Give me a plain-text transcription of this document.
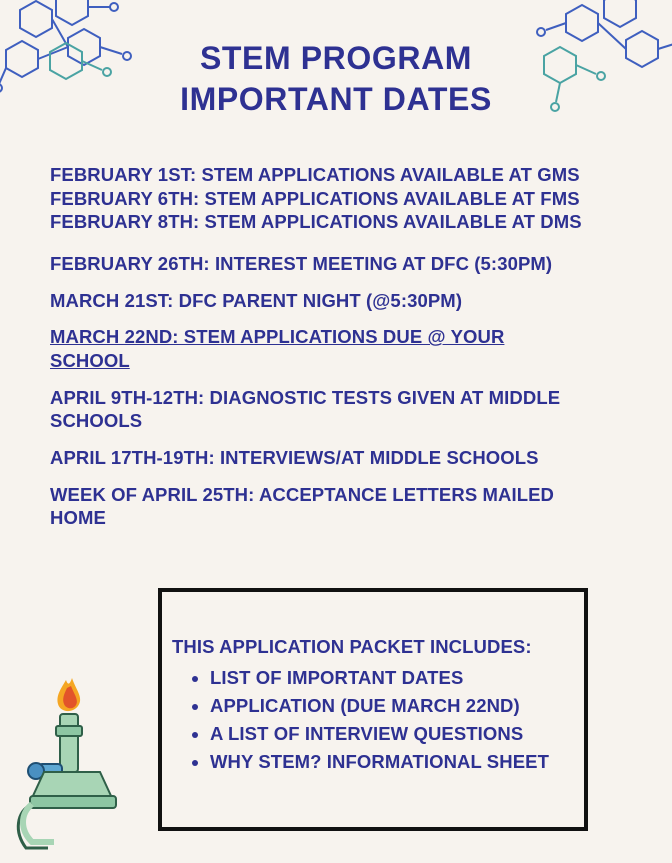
STEM PROGRAM
IMPORTANT DATES

FEBRUARY 1ST: STEM APPLICATIONS AVAILABLE AT GMS

FEBRUARY 6TH: STEM APPLICATIONS AVAILABLE AT FMS

FEBRUARY 8TH: STEM APPLICATIONS AVAILABLE AT DMS

FEBRUARY 26TH: INTEREST MEETING AT DFC (5:30PM)

MARCH 21ST: DFC PARENT NIGHT (@5:30PM)

MARCH 22ND: STEM APPLICATIONS DUE @ YOUR

SCHOOL

APRIL 9TH-12TH: DIAGNOSTIC TESTS GIVEN AT MIDDLE

SCHOOLS

APRIL 17TH-19TH: INTERVIEWS/AT MIDDLE SCHOOLS

WEEK OF APRIL 25TH: ACCEPTANCE LETTERS MAILED

HOME

THIS APPLICATION PACKET INCLUDES:
• LIST OF IMPORTANT DATES
• APPLICATION (DUE MARCH 22ND)
• A LIST OF INTERVIEW QUESTIONS
• WHY STEM? INFORMATIONAL SHEET
